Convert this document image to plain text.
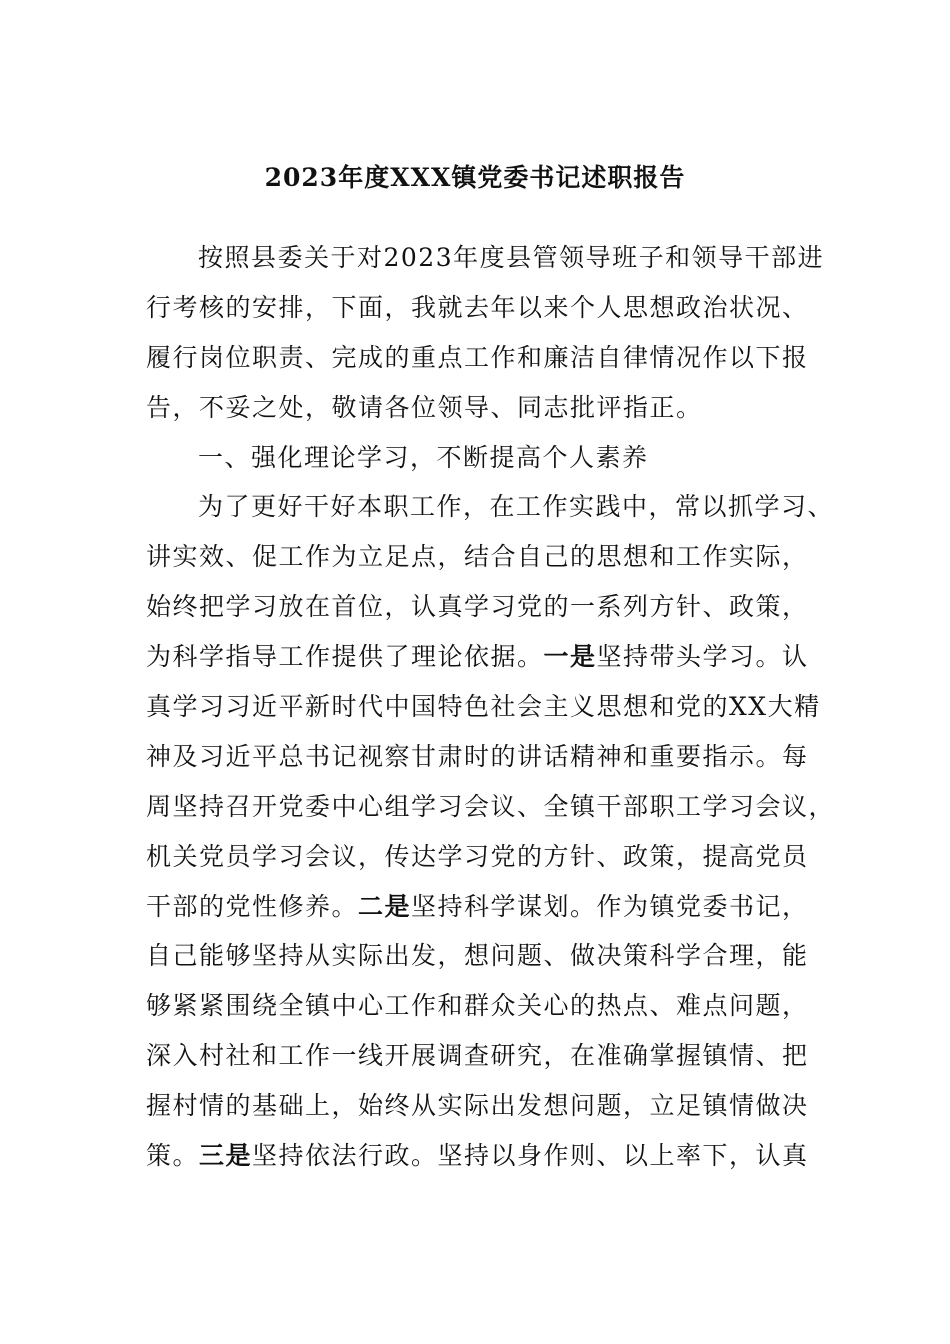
2023年度XXX镇党委书记述职报告
按照县委关于对2023年度县管领导班子和领导干部进
行考核的安排，下面，我就去年以来个人思想政治状况、
履行岗位职责、完成的重点工作和廉洁自律情况作以下报
告，不妥之处，敬请各位领导、同志批评指正。
一、强化理论学习，不断提高个人素养
为了更好干好本职工作，在工作实践中，常以抓学习、
讲实效、促工作为立足点，结合自己的思想和工作实际，
始终把学习放在首位，认真学习党的一系列方针、政策，
为科学指导工作提供了理论依据。一是坚持带头学习。认
真学习习近平新时代中国特色社会主义思想和党的XX大精
神及习近平总书记视察甘肃时的讲话精神和重要指示。每
周坚持召开党委中心组学习会议、全镇干部职工学习会议，
机关党员学习会议，传达学习党的方针、政策，提高党员
干部的党性修养。二是坚持科学谋划。作为镇党委书记，
自己能够坚持从实际出发，想问题、做决策科学合理，能
够紧紧围绕全镇中心工作和群众关心的热点、难点问题，
深入村社和工作一线开展调查研究，在准确掌握镇情、把
握村情的基础上，始终从实际出发想问题，立足镇情做决
策。三是坚持依法行政。坚持以身作则、以上率下，认真
